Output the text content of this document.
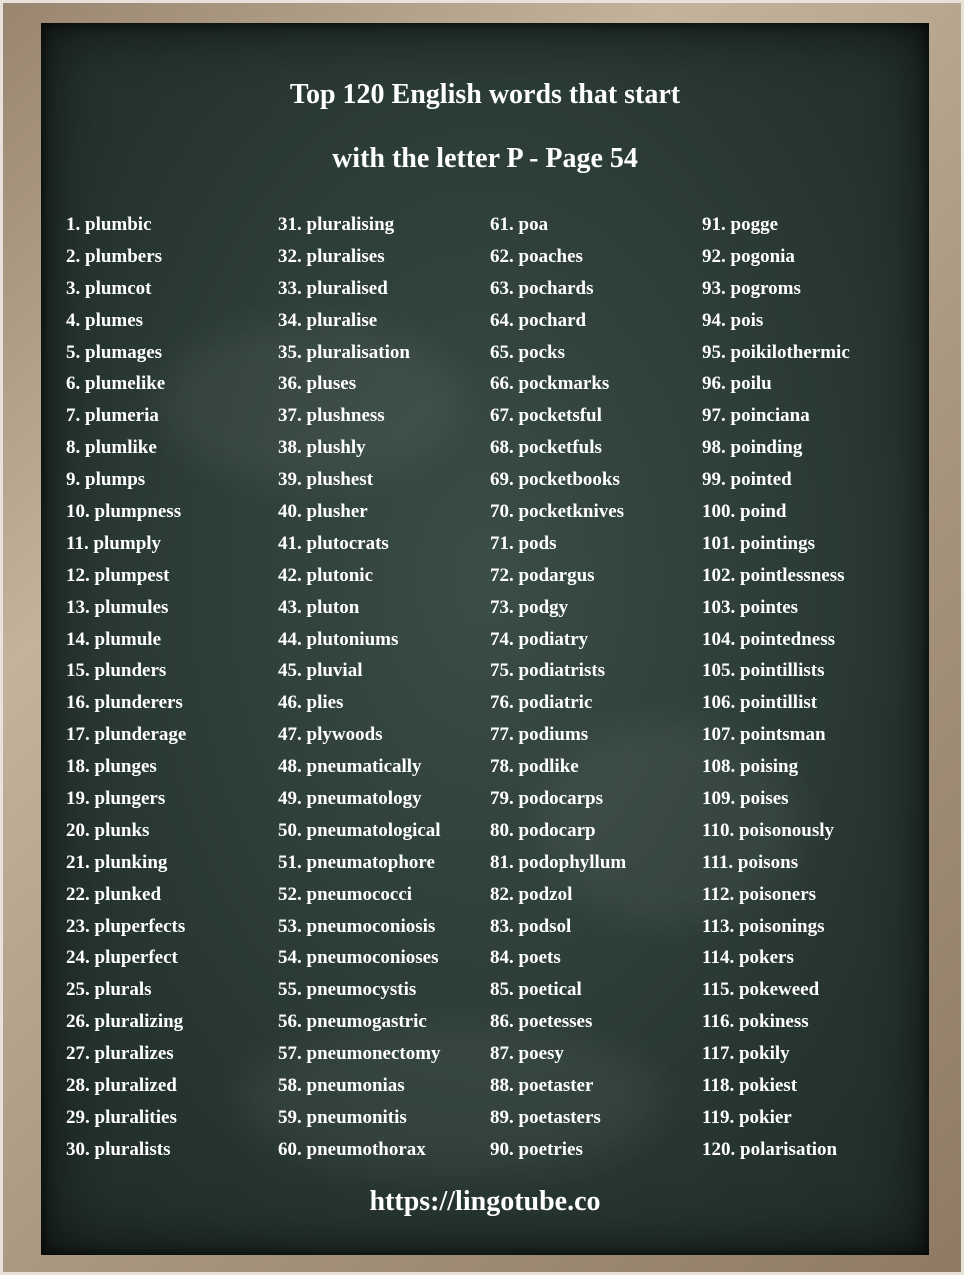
Top 120 English words that start
with the letter P - Page 54
1. plumbic
2. plumbers
3. plumcot
4. plumes
5. plumages
6. plumelike
7. plumeria
8. plumlike
9. plumps
10. plumpness
11. plumply
12. plumpest
13. plumules
14. plumule
15. plunders
16. plunderers
17. plunderage
18. plunges
19. plungers
20. plunks
21. plunking
22. plunked
23. pluperfects
24. pluperfect
25. plurals
26. pluralizing
27. pluralizes
28. pluralized
29. pluralities
30. pluralists
31. pluralising
32. pluralises
33. pluralised
34. pluralise
35. pluralisation
36. pluses
37. plushness
38. plushly
39. plushest
40. plusher
41. plutocrats
42. plutonic
43. pluton
44. plutoniums
45. pluvial
46. plies
47. plywoods
48. pneumatically
49. pneumatology
50. pneumatological
51. pneumatophore
52. pneumococci
53. pneumoconiosis
54. pneumoconioses
55. pneumocystis
56. pneumogastric
57. pneumonectomy
58. pneumonias
59. pneumonitis
60. pneumothorax
61. poa
62. poaches
63. pochards
64. pochard
65. pocks
66. pockmarks
67. pocketsful
68. pocketfuls
69. pocketbooks
70. pocketknives
71. pods
72. podargus
73. podgy
74. podiatry
75. podiatrists
76. podiatric
77. podiums
78. podlike
79. podocarps
80. podocarp
81. podophyllum
82. podzol
83. podsol
84. poets
85. poetical
86. poetesses
87. poesy
88. poetaster
89. poetasters
90. poetries
91. pogge
92. pogonia
93. pogroms
94. pois
95. poikilothermic
96. poilu
97. poinciana
98. poinding
99. pointed
100. poind
101. pointings
102. pointlessness
103. pointes
104. pointedness
105. pointillists
106. pointillist
107. pointsman
108. poising
109. poises
110. poisonously
111. poisons
112. poisoners
113. poisonings
114. pokers
115. pokeweed
116. pokiness
117. pokily
118. pokiest
119. pokier
120. polarisation
https://lingotube.co
